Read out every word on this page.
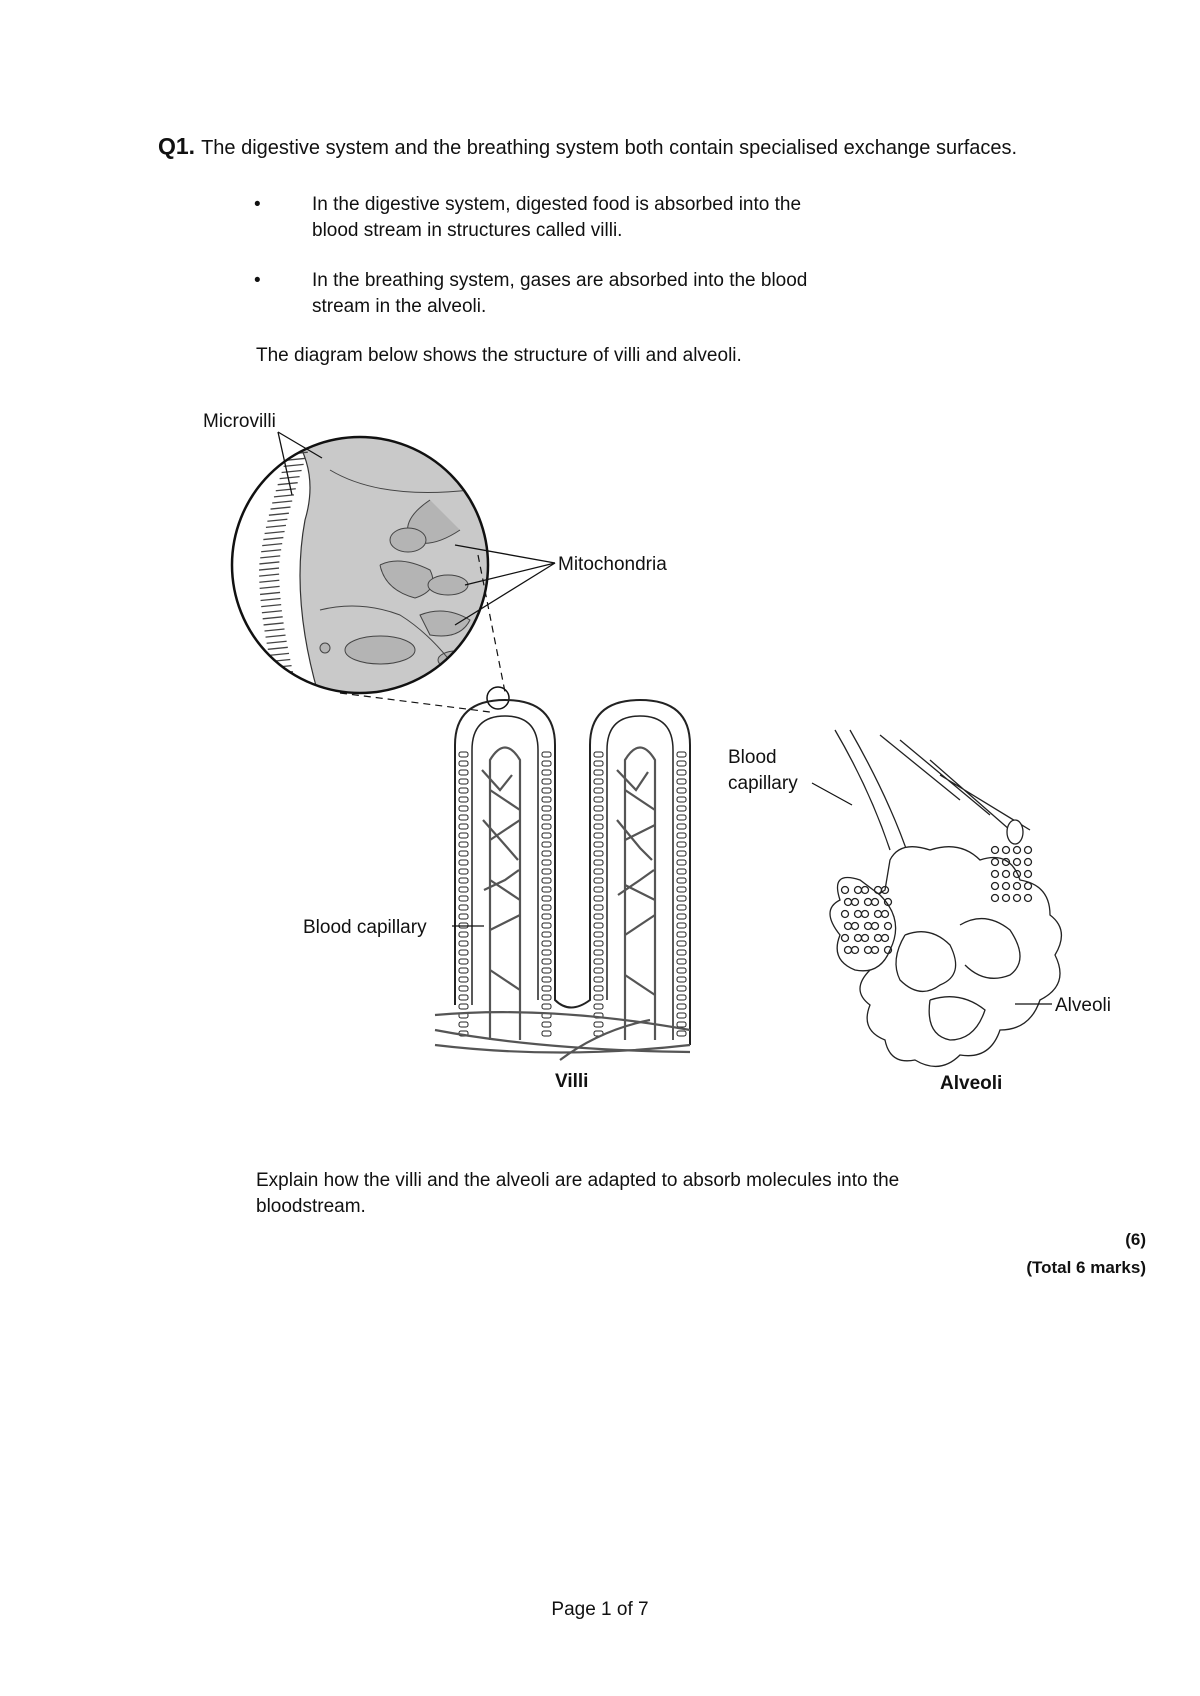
Q1. The digestive system and the breathing system both contain specialised exchange surfaces.
•	In the digestive system, digested food is absorbed into the
blood stream in structures called villi.
•	In the breathing system, gases are absorbed into the blood
stream in the alveoli.
The diagram below shows the structure of villi and alveoli.
Microvilli
Mitochondria
Blood capillary
Villi
Blood
capillary
Alveoli
Alveoli
Explain how the villi and the alveoli are adapted to absorb molecules into the
bloodstream.
(6)
(Total 6 marks)
Page 1 of 7
